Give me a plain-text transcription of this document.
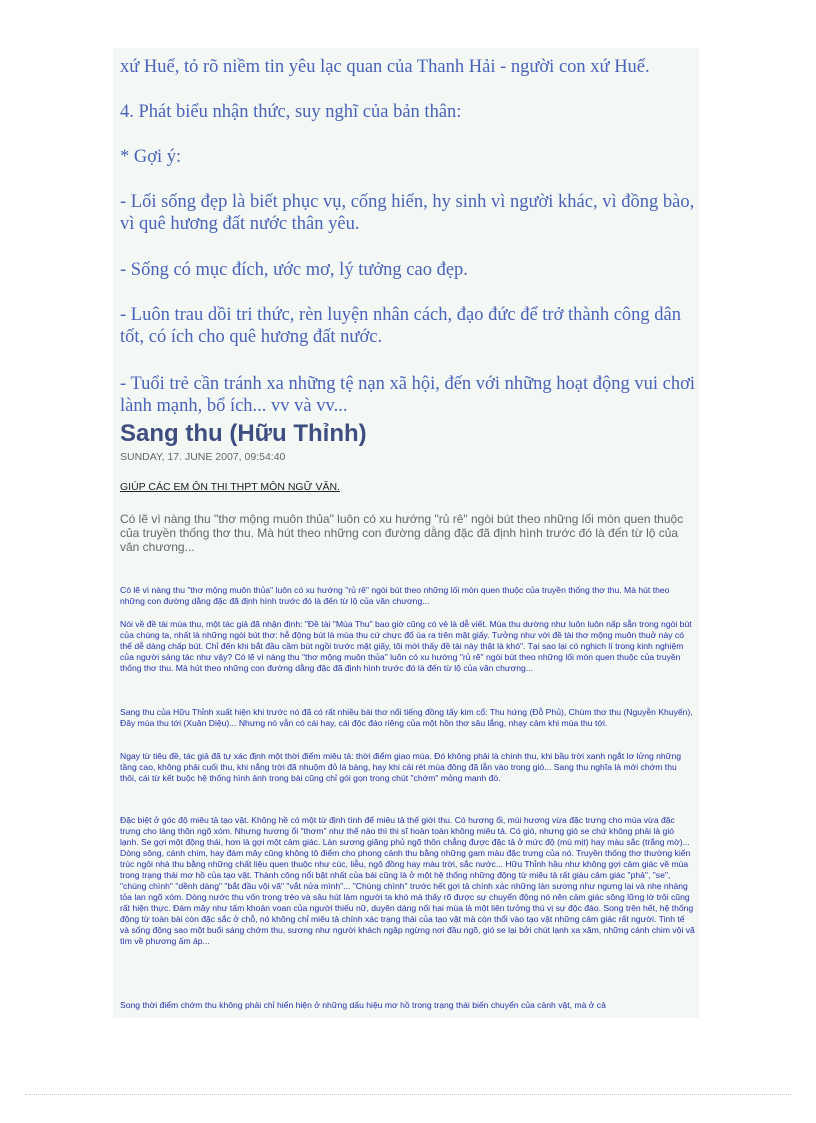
xứ Huế, tỏ rõ niềm tin yêu lạc quan của Thanh Hải - người con xứ Huế.

4. Phát biểu nhận thức, suy nghĩ của bản thân:

* Gợi ý:

- Lối sống đẹp là biết phục vụ, cống hiến, hy sinh vì người khác, vì đồng bào, vì quê hương đất nước thân yêu.

- Sống có mục đích, ước mơ, lý tưởng cao đẹp.

- Luôn trau dồi tri thức, rèn luyện nhân cách, đạo đức để trở thành công dân tốt, có ích cho quê hương đất nước.

- Tuổi trẻ cần tránh xa những tệ nạn xã hội, đến với những hoạt động vui chơi lành mạnh, bổ ích... vv và vv...

Sang thu (Hữu Thỉnh)
SUNDAY, 17. JUNE 2007, 09:54:40
GIÚP CÁC EM ÔN THI THPT MÔN NGỮ VĂN.
Có lẽ vì nàng thu "thơ mộng muôn thủa" luôn có xu hướng "rủ rê" ngòi bút theo những lối mòn quen thuộc của truyền thống thơ thu. Mà hút theo những con đường dằng đặc đã định hình trước đó là đến từ lộ của văn chương...

Có lẽ vì nàng thu "thơ mộng muôn thủa" luôn có xu hướng "rủ rê" ngòi bút theo những lối mòn quen thuộc của truyền thống thơ thu. Mà hút theo những con đường dằng đặc đã định hình trước đó là đến từ lộ của văn chương...

Nói về đề tài mùa thu, một tác giả đã nhận định: "Đề tài "Mùa Thu" bao giờ cũng có vẻ là dễ viết. Mùa thu dường như luôn luôn nấp sẵn trong ngòi bút của chúng ta, nhất là những ngòi bút thơ: hễ động bút là mùa thu cứ chực đổ ùa ra trên mặt giấy. Tưởng như với đề tài thơ mộng muôn thuở này có thể dễ dàng chấp bút. Chỉ đến khi bắt đầu cầm bút ngồi trước mặt giấy, tôi mới thấy đề tài này thật là khó". Tại sao lại có nghịch lí trong kinh nghiệm của người sáng tác như vậy? Có lẽ vì nàng thu "thơ mộng muôn thủa" luôn có xu hướng "rủ rê" ngòi bút theo những lối mòn quen thuộc của truyền thống thơ thu. Mà hút theo những con đường dằng đặc đã định hình trước đó là đến từ lộ của văn chương...

Sang thu của Hữu Thỉnh xuất hiện khi trước nó đã có rất nhiều bài thơ nổi tiếng đồng tấy kim cổ: Thu hứng (Đỗ Phủ), Chùm thơ thu (Nguyễn Khuyến), Đây mùa thu tới (Xuân Diệu)... Nhưng nó vẫn có cái hay, cái độc đáo riêng của một hồn thơ sâu lắng, nhạy cảm khi mùa thu tới.

Ngay từ tiêu đề, tác giả đã tự xác định một thời điểm miêu tả: thời điểm giao mùa. Đó không phải là chính thu, khi bầu trời xanh ngắt lơ lửng những tầng cao, không phải cuối thu, khi nắng trời đã nhuộm đỏ lá bàng, hay khi cái rét mùa đông đã lẫn vào trong gió... Sang thu nghĩa là mới chớm thu thôi, cái từ kết buộc hệ thống hình ảnh trong bài cũng chỉ gói gọn trong chút "chớm" mỏng manh đó.

Đặc biệt ở góc độ miêu tả tạo vật. Không hề có một từ định tính để miêu tả thế giới thu. Có hương ổi, mùi hương vừa đặc trưng cho mùa vừa đặc trưng cho làng thôn ngõ xóm. Nhưng hương ổi "thơm" như thế nào thì thi sĩ hoàn toàn không miêu tả. Có gió, nhưng gió se chứ không phải là gió lạnh. Se gợi một động thái, hơn là gợi một cảm giác. Làn sương giăng phủ ngõ thôn chẳng được đặc tả ở mức độ (mù mịt) hay màu sắc (trắng mờ)... Dòng sông, cánh chim, hay đám mây cũng không tô điểm cho phong cảnh thu bằng những gam màu đặc trưng của nó. Truyền thống thơ thường kiến trúc ngôi nhà thu bằng những chất liệu quen thuộc như cúc, liễu, ngô đồng hay màu trời, sắc nước... Hữu Thỉnh hầu như không gợi cảm giác về mùa trong trạng thái mơ hồ của tạo vật. Thành công nổi bật nhất của bài cũng là ở một hệ thống những động từ miêu tả rất giàu cảm giác "phả", "se", "chùng chình" "dềnh dàng" "bắt đầu vội vã" "vắt nửa mình"... "Chùng chình" trước hết gợi tả chính xác những làn sương như ngưng lại và nhẹ nhàng tỏa lan ngõ xóm. Dòng nước thu vốn trong trẻo và sâu hút làm người ta khó mà thấy rõ được sự chuyển động nó nên cảm giác sông lững lờ trôi cũng rất hiện thực. Đám mây như tấm khoản voan của người thiếu nữ, duyên dáng nối hai mùa là một liên tưởng thú vị sự độc đáo. Song trên hết, hệ thống động từ toàn bài còn đặc sắc ở chỗ, nó không chỉ miêu tả chính xác trạng thái của tạo vật mà còn thổi vào tạo vật những cảm giác rất người. Tinh tế và sống động sao một buổi sáng chớm thu, sương như người khách ngập ngừng nơi đầu ngõ, gió se lại bởi chút lạnh xa xăm, những cánh chim vội vã tìm về phương ấm áp...

Song thời điểm chớm thu không phải chỉ hiển hiện ở những dấu hiệu mơ hồ trong trạng thái biến chuyển của cảnh vật, mà ở cả
